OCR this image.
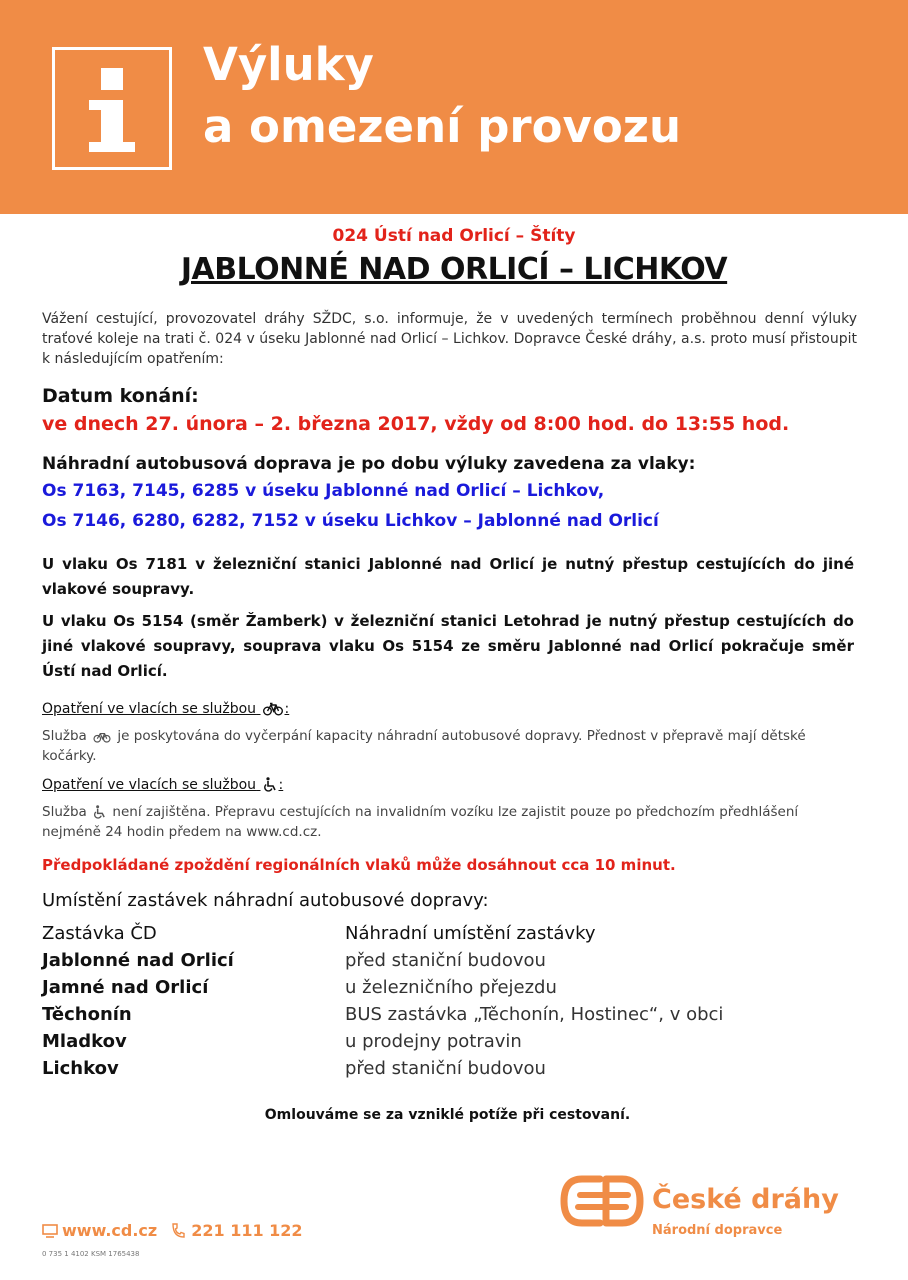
Výluky
a omezení provozu
024 Ústí nad Orlicí – Štíty
JABLONNÉ NAD ORLICÍ – LICHKOV
Vážení cestující, provozovatel dráhy SŽDC, s.o. informuje, že v uvedených termínech proběhnou denní výluky traťové koleje na trati č. 024 v úseku Jablonné nad Orlicí – Lichkov. Dopravce České dráhy, a.s. proto musí přistoupit k následujícím opatřením:
Datum konání:
ve dnech 27. února – 2. března 2017, vždy od 8:00 hod. do 13:55 hod.
Náhradní autobusová doprava je po dobu výluky zavedena za vlaky:
Os 7163, 7145, 6285 v úseku Jablonné nad Orlicí – Lichkov,
Os 7146, 6280, 6282, 7152 v úseku Lichkov – Jablonné nad Orlicí
U vlaku Os 7181 v železniční stanici Jablonné nad Orlicí je nutný přestup cestujících do jiné vlakové soupravy.
U vlaku Os 5154 (směr Žamberk) v železniční stanici Letohrad je nutný přestup cestujících do jiné vlakové soupravy, souprava vlaku Os 5154 ze směru Jablonné nad Orlicí pokračuje směr Ústí nad Orlicí.
Opatření ve vlacích se službou :
Služba je poskytována do vyčerpání kapacity náhradní autobusové dopravy. Přednost v přepravě mají dětské kočárky.
Opatření ve vlacích se službou :
Služba není zajištěna. Přepravu cestujících na invalidním vozíku lze zajistit pouze po předchozím předhlášení nejméně 24 hodin předem na www.cd.cz.
Předpokládané zpoždění regionálních vlaků může dosáhnout cca 10 minut.
Umístění zastávek náhradní autobusové dopravy:
Zastávka ČD	Náhradní umístění zastávky
Jablonné nad Orlicí	před staniční budovou
Jamné nad Orlicí	u železničního přejezdu
Těchonín	BUS zastávka „Těchonín, Hostinec“, v obci
Mladkov	u prodejny potravin
Lichkov	před staniční budovou
Omlouváme se za vzniklé potíže při cestovaní.
České dráhy
Národní dopravce
www.cd.cz 221 111 122
0 735 1 4102 KSM 1765438
